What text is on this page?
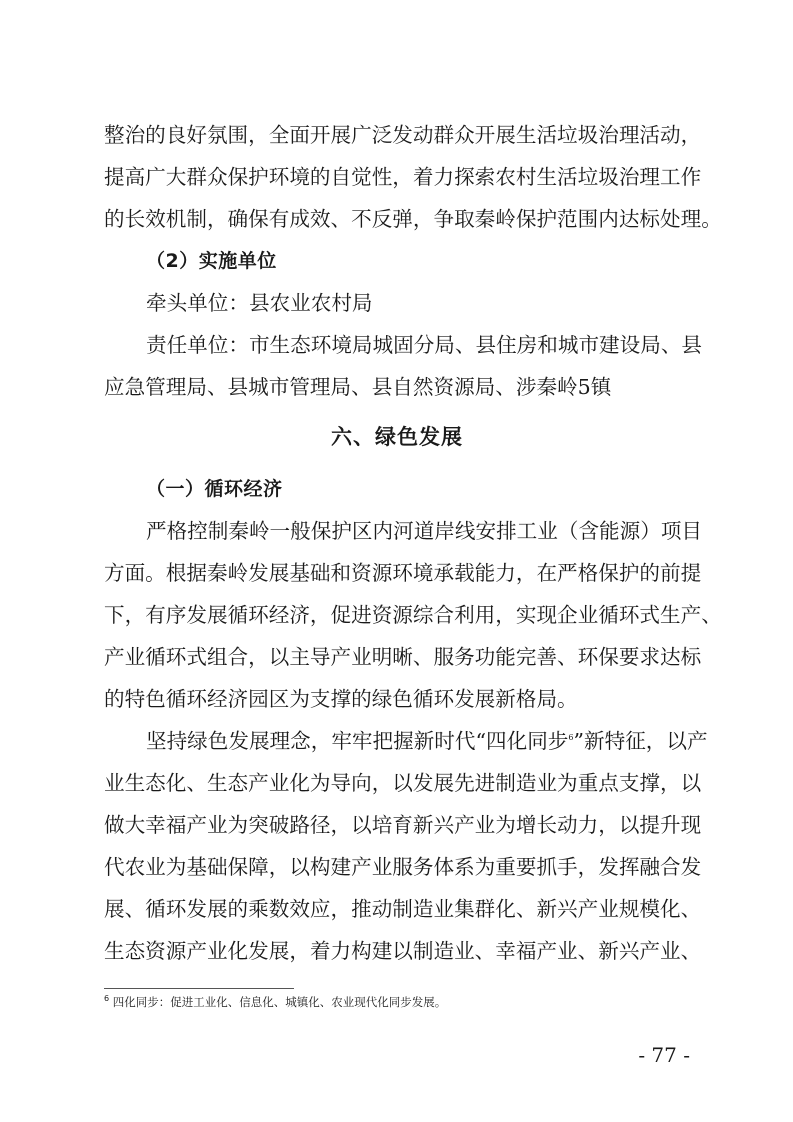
整治的良好氛围，全面开展广泛发动群众开展生活垃圾治理活动，
提高广大群众保护环境的自觉性，着力探索农村生活垃圾治理工作
的长效机制，确保有成效、不反弹，争取秦岭保护范围内达标处理。
（2）实施单位
牵头单位：县农业农村局
责任单位：市生态环境局城固分局、县住房和城市建设局、县
应急管理局、县城市管理局、县自然资源局、涉秦岭5镇
六、绿色发展
（一）循环经济
严格控制秦岭一般保护区内河道岸线安排工业（含能源）项目
方面。根据秦岭发展基础和资源环境承载能力，在严格保护的前提
下，有序发展循环经济，促进资源综合利用，实现企业循环式生产、
产业循环式组合，以主导产业明晰、服务功能完善、环保要求达标
的特色循环经济园区为支撑的绿色循环发展新格局。
坚持绿色发展理念，牢牢把握新时代“四化同步$^6$”新特征，以产
业生态化、生态产业化为导向，以发展先进制造业为重点支撑，以
做大幸福产业为突破路径，以培育新兴产业为增长动力，以提升现
代农业为基础保障，以构建产业服务体系为重要抓手，发挥融合发
展、循环发展的乘数效应，推动制造业集群化、新兴产业规模化、
生态资源产业化发展，着力构建以制造业、幸福产业、新兴产业、
$^6$ 四化同步：促进工业化、信息化、城镇化、农业现代化同步发展。
- 77 -
